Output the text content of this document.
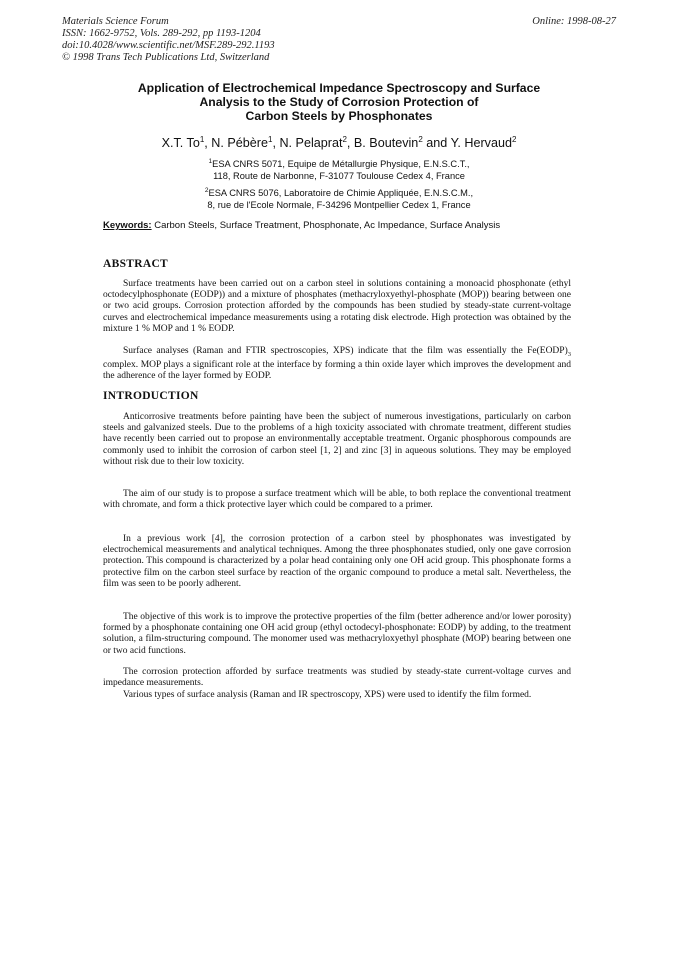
Materials Science Forum
ISSN: 1662-9752, Vols. 289-292, pp 1193-1204
doi:10.4028/www.scientific.net/MSF.289-292.1193
© 1998 Trans Tech Publications Ltd, Switzerland
Online: 1998-08-27
Application of Electrochemical Impedance Spectroscopy and Surface
Analysis to the Study of Corrosion Protection of
Carbon Steels by Phosphonates
X.T. To$^1$, N. Pébère$^1$, N. Pelaprat$^2$, B. Boutevin$^2$ and Y. Hervaud$^2$
$^1$ESA CNRS 5071, Equipe de Métallurgie Physique, E.N.S.C.T.,
118, Route de Narbonne, F-31077 Toulouse Cedex 4, France
$^2$ESA CNRS 5076, Laboratoire de Chimie Appliquée, E.N.S.C.M.,
8, rue de l'Ecole Normale, F-34296 Montpellier Cedex 1, France
Keywords: Carbon Steels, Surface Treatment, Phosphonate, Ac Impedance, Surface Analysis
ABSTRACT
Surface treatments have been carried out on a carbon steel in solutions containing a monoacid phosphonate (ethyl octodecylphosphonate (EODP)) and a mixture of phosphates (methacryloxyethyl-phosphate (MOP)) bearing between one or two acid groups. Corrosion protection afforded by the compounds has been studied by steady-state current-voltage curves and electrochemical impedance measurements using a rotating disk electrode. High protection was obtained by the mixture 1 % MOP and 1 % EODP.
Surface analyses (Raman and FTIR spectroscopies, XPS) indicate that the film was essentially the $Fe(EODP)_3$ complex. MOP plays a significant role at the interface by forming a thin oxide layer which improves the development and the adherence of the layer formed by EODP.
INTRODUCTION
Anticorrosive treatments before painting have been the subject of numerous investigations, particularly on carbon steels and galvanized steels. Due to the problems of a high toxicity associated with chromate treatment, different studies have recently been carried out to propose an environmentally acceptable treatment. Organic phosphorous compounds are commonly used to inhibit the corrosion of carbon steel [1, 2] and zinc [3] in aqueous solutions. They may be employed without risk due to their low toxicity.
The aim of our study is to propose a surface treatment which will be able, to both replace the conventional treatment with chromate, and form a thick protective layer which could be compared to a primer.
In a previous work [4], the corrosion protection of a carbon steel by phosphonates was investigated by electrochemical measurements and analytical techniques. Among the three phosphonates studied, only one gave corrosion protection. This compound is characterized by a polar head containing only one OH acid group. This phosphonate forms a protective film on the carbon steel surface by reaction of the organic compound to produce a metal salt. Nevertheless, the film was seen to be poorly adherent.
The objective of this work is to improve the protective properties of the film (better adherence and/or lower porosity) formed by a phosphonate containing one OH acid group (ethyl octodecyl-phosphonate: EODP) by adding, to the treatment solution, a film-structuring compound. The monomer used was methacryloxyethyl phosphate (MOP) bearing between one or two acid functions.
The corrosion protection afforded by surface treatments was studied by steady-state current-voltage curves and impedance measurements.
Various types of surface analysis (Raman and IR spectroscopy, XPS) were used to identify the film formed.
